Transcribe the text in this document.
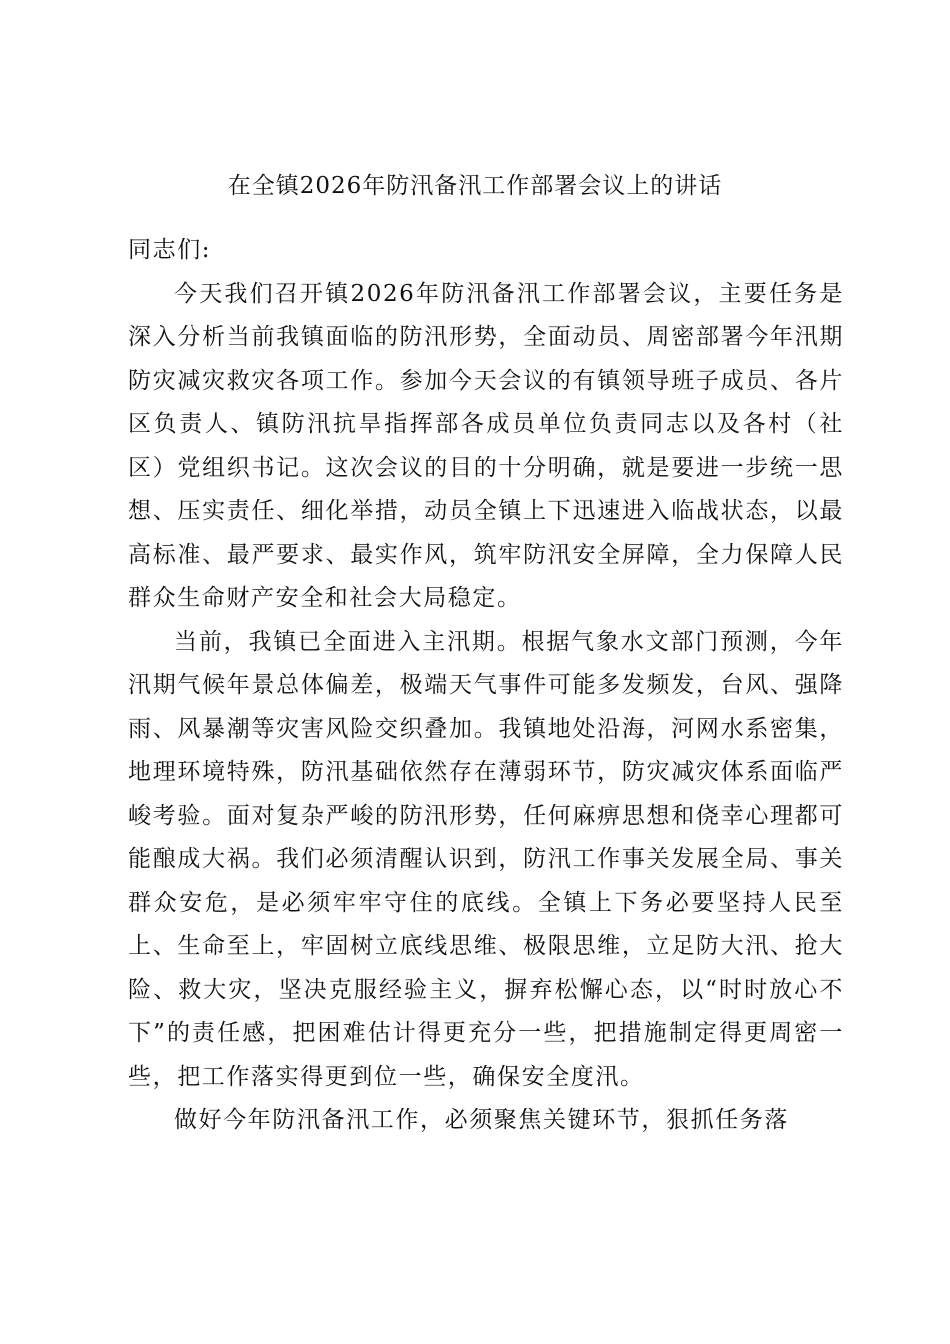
在全镇2026年防汛备汛工作部署会议上的讲话

同志们:

今天我们召开镇2026年防汛备汛工作部署会议，主要任务是深入分析当前我镇面临的防汛形势，全面动员、周密部署今年汛期防灾减灾救灾各项工作。参加今天会议的有镇领导班子成员、各片区负责人、镇防汛抗旱指挥部各成员单位负责同志以及各村（社区）党组织书记。这次会议的目的十分明确，就是要进一步统一思想、压实责任、细化举措，动员全镇上下迅速进入临战状态，以最高标准、最严要求、最实作风，筑牢防汛安全屏障，全力保障人民群众生命财产安全和社会大局稳定。

当前，我镇已全面进入主汛期。根据气象水文部门预测，今年汛期气候年景总体偏差，极端天气事件可能多发频发，台风、强降雨、风暴潮等灾害风险交织叠加。我镇地处沿海，河网水系密集，地理环境特殊，防汛基础依然存在薄弱环节，防灾减灾体系面临严峻考验。面对复杂严峻的防汛形势，任何麻痹思想和侥幸心理都可能酿成大祸。我们必须清醒认识到，防汛工作事关发展全局、事关群众安危，是必须牢牢守住的底线。全镇上下务必要坚持人民至上、生命至上，牢固树立底线思维、极限思维，立足防大汛、抢大险、救大灾，坚决克服经验主义，摒弃松懈心态，以“时时放心不下”的责任感，把困难估计得更充分一些，把措施制定得更周密一些，把工作落实得更到位一些，确保安全度汛。

做好今年防汛备汛工作，必须聚焦关键环节，狠抓任务落
